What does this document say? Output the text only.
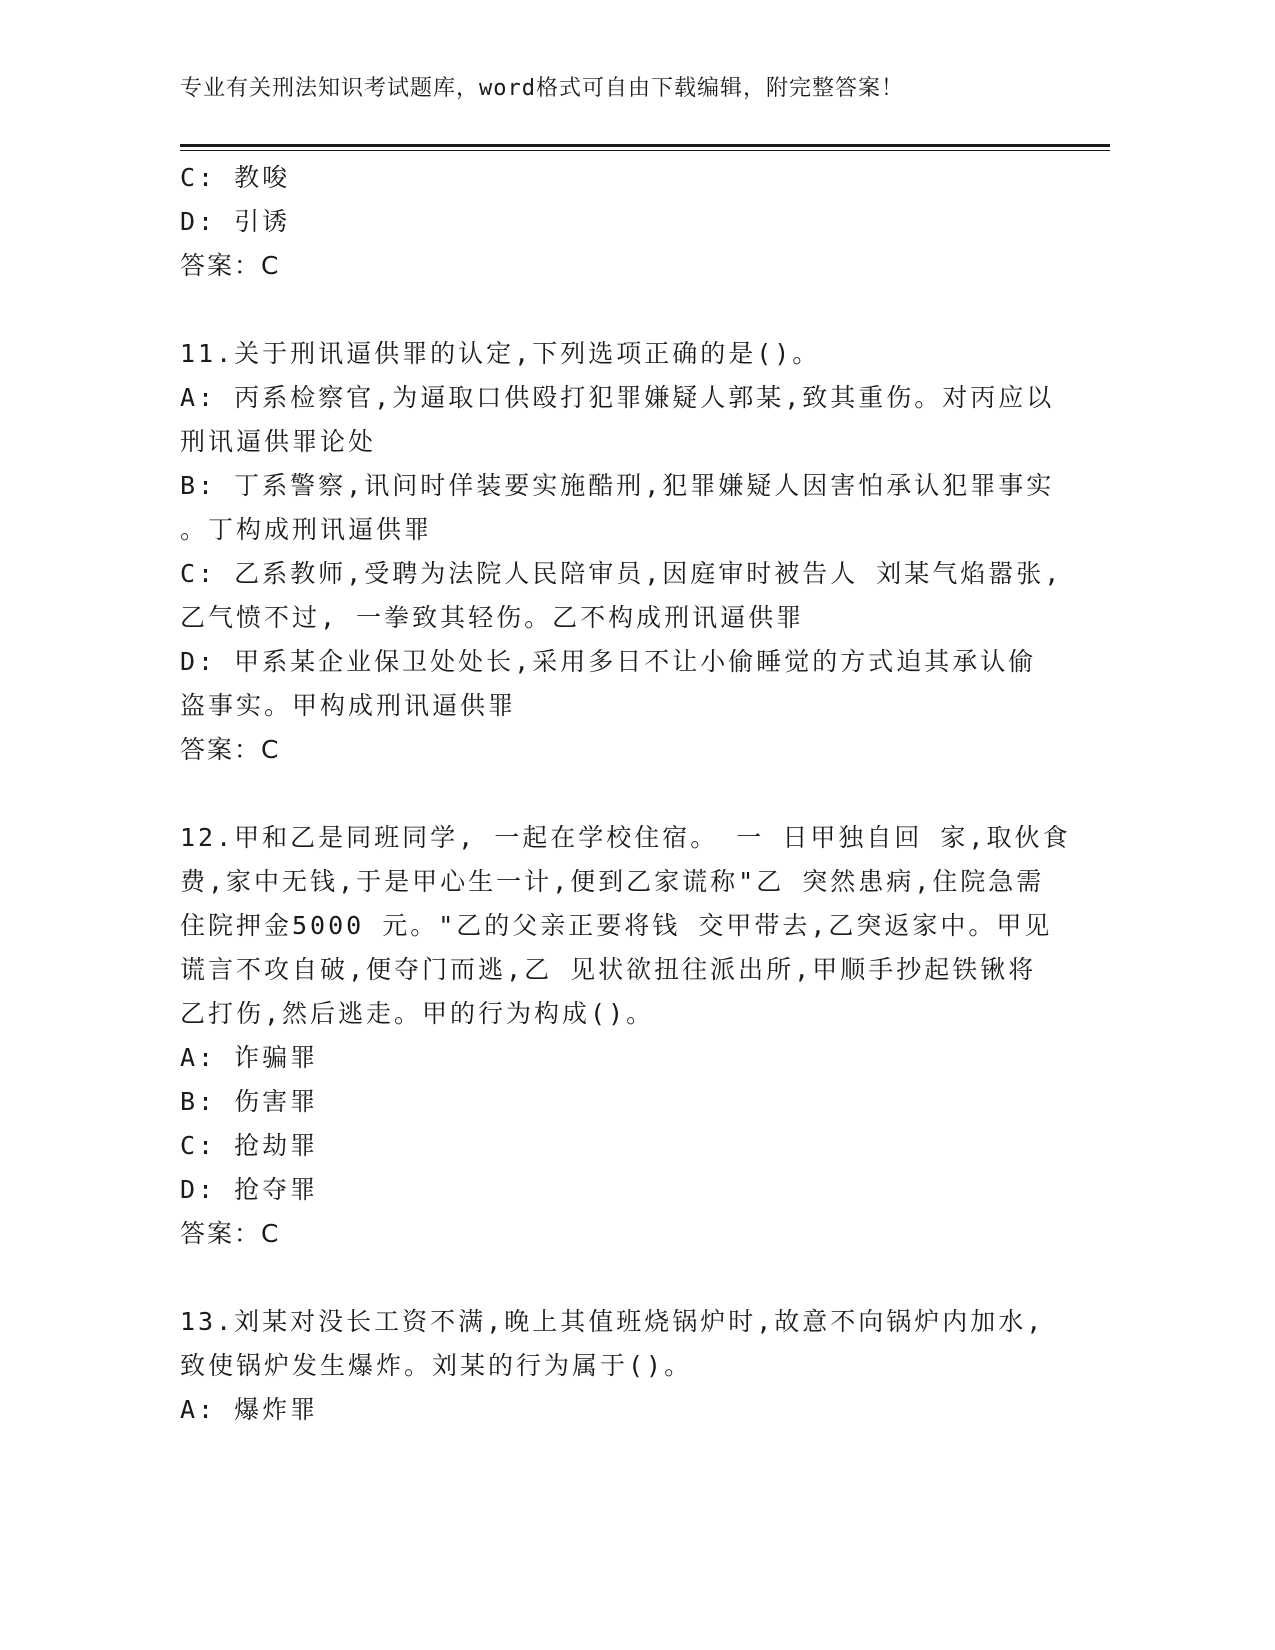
专业有关刑法知识考试题库，word格式可自由下载编辑，附完整答案！
C: 教唆
D: 引诱
答案：C
11.关于刑讯逼供罪的认定,下列选项正确的是()。
A: 丙系检察官,为逼取口供殴打犯罪嫌疑人郭某,致其重伤。对丙应以
刑讯逼供罪论处
B: 丁系警察,讯问时佯装要实施酷刑,犯罪嫌疑人因害怕承认犯罪事实
。丁构成刑讯逼供罪
C: 乙系教师,受聘为法院人民陪审员,因庭审时被告人 刘某气焰嚣张,
乙气愤不过, 一拳致其轻伤。乙不构成刑讯逼供罪
D: 甲系某企业保卫处处长,采用多日不让小偷睡觉的方式迫其承认偷
盗事实。甲构成刑讯逼供罪
答案：C
12.甲和乙是同班同学, 一起在学校住宿。 一 日甲独自回 家,取伙食
费,家中无钱,于是甲心生一计,便到乙家谎称"乙 突然患病,住院急需
住院押金5000 元。"乙的父亲正要将钱 交甲带去,乙突返家中。甲见
谎言不攻自破,便夺门而逃,乙 见状欲扭往派出所,甲顺手抄起铁锹将
乙打伤,然后逃走。甲的行为构成()。
A: 诈骗罪
B: 伤害罪
C: 抢劫罪
D: 抢夺罪
答案：C
13.刘某对没长工资不满,晚上其值班烧锅炉时,故意不向锅炉内加水,
致使锅炉发生爆炸。刘某的行为属于()。
A: 爆炸罪
